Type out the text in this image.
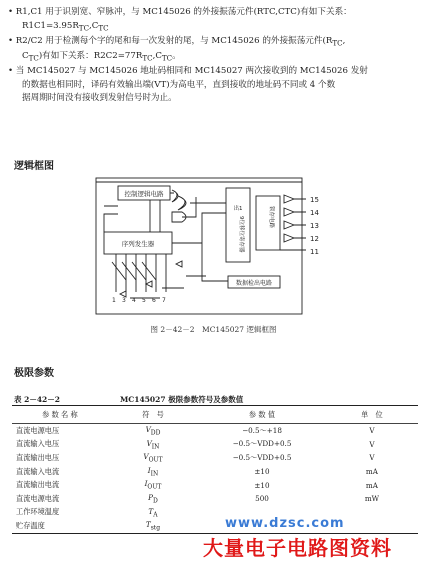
• R1,C1 用于识别宽、窄脉冲，与 MC145026 的外接振荡元件(RTC,CTC)有如下关系：
$R1C1=3.95R_{TC},C_{TC}$
• R2/C2 用于检测每个字的尾和每一次发射的尾，与 MC145026 的外接振荡元件($R_{TC}$,
$C_{TC}$)有如下关系：$R2C2=77R_{TC},C_{TC}$。
• 当 MC145027 与 MC145026 地址码相同和 MC145027 两次接收到的 MC145026 发射
的数据也相同时，译码有效输出端(VT)为高电平，直到接收的地址码不同或 4 个数
据周期时间没有接收到发射信号时为止。
逻辑框图
控制逻辑电路
出1
序列发生器
数据检出电路
9位移位寄存器	锁存电路
15
14
13
12
11
1 3 4 5 6 7
图 2－42－2　MC145027 逻辑框图
极限参数
表 2－42－2	MC145027 极限参数符号及参数值
参 数 名 称	符　号	参 数 值	单　位
直流电源电压	$V_{DD}$	−0.5～+18	V
直流输入电压	$V_{IN}$	−0.5～VDD+0.5	V
直流输出电压	$V_{OUT}$	−0.5～VDD+0.5	V
直流输入电流	$I_{IN}$	±10	mA
直流输出电流	$I_{OUT}$	±10	mA
直流电源电流	$P_D$	500	mW
工作环境温度	$T_A$		
贮存温度	$T_{stg}$			www.dzsc.com
大量电子电路图资料
